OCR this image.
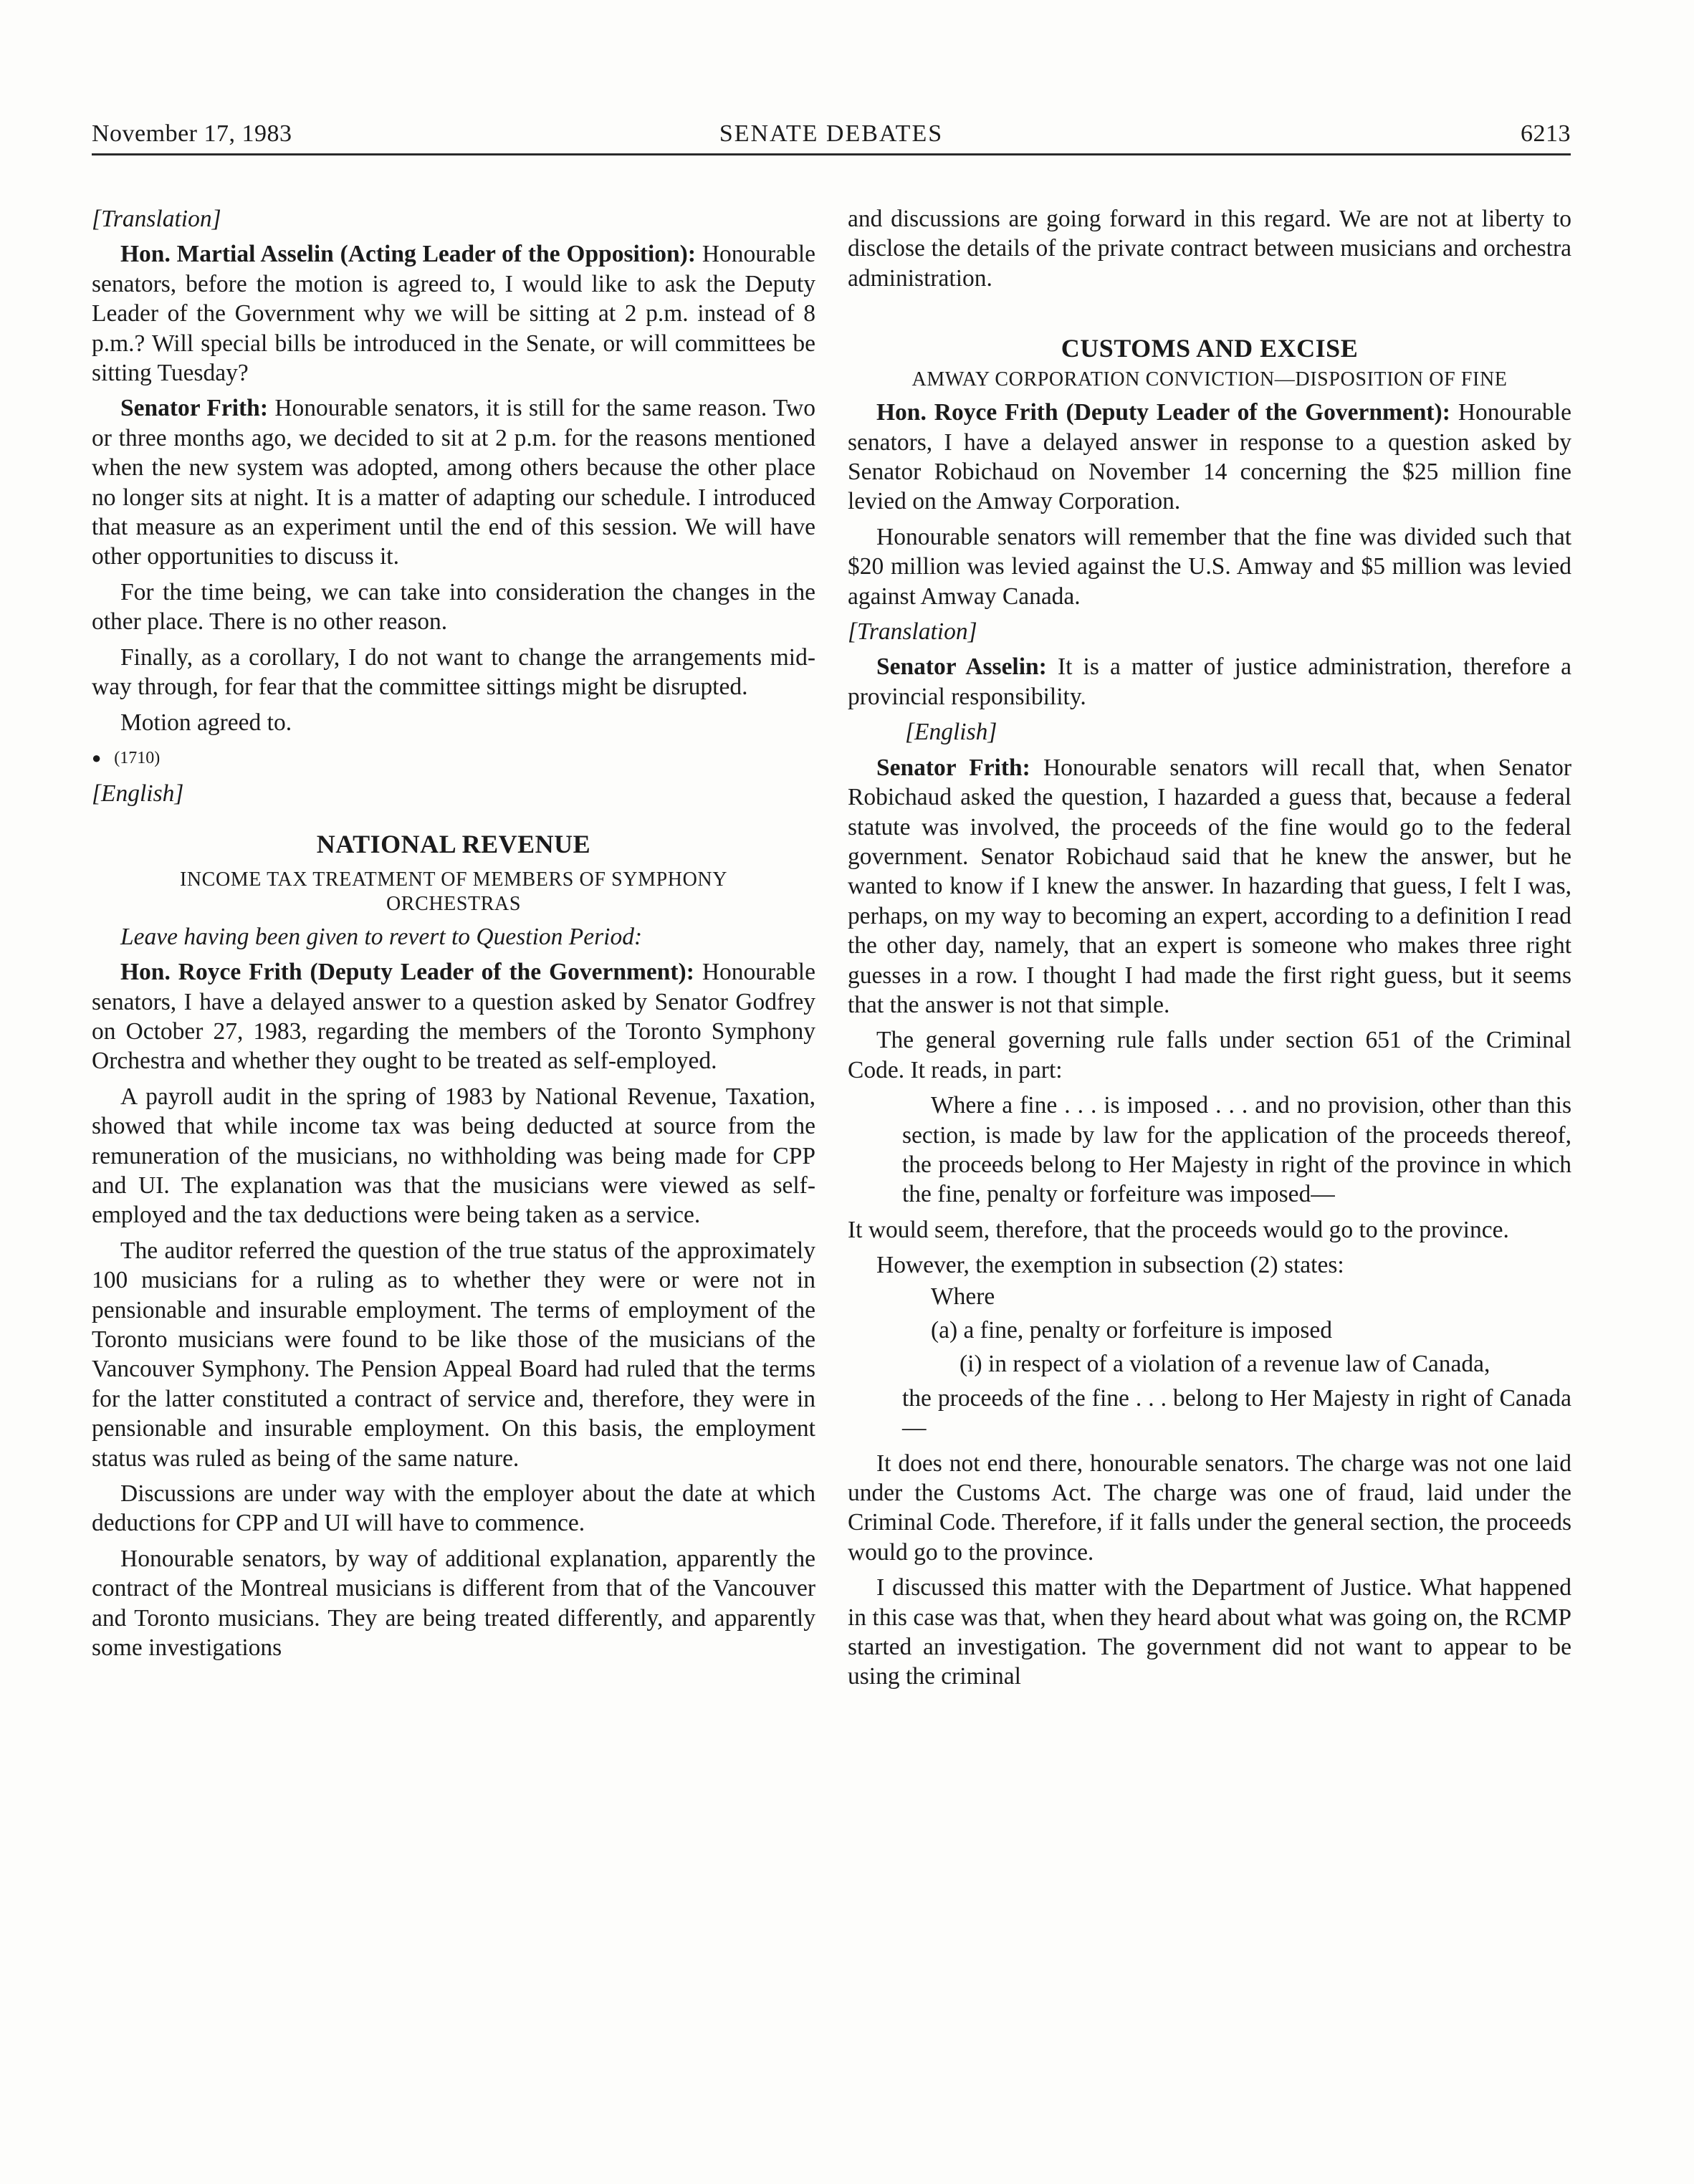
November 17, 1983	SENATE DEBATES	6213

[Translation]

Hon. Martial Asselin (Acting Leader of the Opposition): Honourable senators, before the motion is agreed to, I would like to ask the Deputy Leader of the Government why we will be sitting at 2 p.m. instead of 8 p.m.? Will special bills be introduced in the Senate, or will committees be sitting Tuesday?

Senator Frith: Honourable senators, it is still for the same reason. Two or three months ago, we decided to sit at 2 p.m. for the reasons mentioned when the new system was adopted, among others because the other place no longer sits at night. It is a matter of adapting our schedule. I introduced that measure as an experiment until the end of this session. We will have other opportunities to discuss it.

For the time being, we can take into consideration the changes in the other place. There is no other reason.

Finally, as a corollary, I do not want to change the arrangements mid-way through, for fear that the committee sittings might be disrupted.

Motion agreed to.

● (1710)

[English]

NATIONAL REVENUE
INCOME TAX TREATMENT OF MEMBERS OF SYMPHONY ORCHESTRAS

Leave having been given to revert to Question Period:

Hon. Royce Frith (Deputy Leader of the Government): Honourable senators, I have a delayed answer to a question asked by Senator Godfrey on October 27, 1983, regarding the members of the Toronto Symphony Orchestra and whether they ought to be treated as self-employed.

A payroll audit in the spring of 1983 by National Revenue, Taxation, showed that while income tax was being deducted at source from the remuneration of the musicians, no withholding was being made for CPP and UI. The explanation was that the musicians were viewed as self-employed and the tax deductions were being taken as a service.

The auditor referred the question of the true status of the approximately 100 musicians for a ruling as to whether they were or were not in pensionable and insurable employment. The terms of employment of the Toronto musicians were found to be like those of the musicians of the Vancouver Symphony. The Pension Appeal Board had ruled that the terms for the latter constituted a contract of service and, therefore, they were in pensionable and insurable employment. On this basis, the employment status was ruled as being of the same nature.

Discussions are under way with the employer about the date at which deductions for CPP and UI will have to commence.

Honourable senators, by way of additional explanation, apparently the contract of the Montreal musicians is different from that of the Vancouver and Toronto musicians. They are being treated differently, and apparently some investigations

and discussions are going forward in this regard. We are not at liberty to disclose the details of the private contract between musicians and orchestra administration.

CUSTOMS AND EXCISE
AMWAY CORPORATION CONVICTION—DISPOSITION OF FINE

Hon. Royce Frith (Deputy Leader of the Government): Honourable senators, I have a delayed answer in response to a question asked by Senator Robichaud on November 14 concerning the $25 million fine levied on the Amway Corporation.

Honourable senators will remember that the fine was divided such that $20 million was levied against the U.S. Amway and $5 million was levied against Amway Canada.

[Translation]

Senator Asselin: It is a matter of justice administration, therefore a provincial responsibility.

[English]

Senator Frith: Honourable senators will recall that, when Senator Robichaud asked the question, I hazarded a guess that, because a federal statute was involved, the proceeds of the fine would go to the federal government. Senator Robichaud said that he knew the answer, but he wanted to know if I knew the answer. In hazarding that guess, I felt I was, perhaps, on my way to becoming an expert, according to a definition I read the other day, namely, that an expert is someone who makes three right guesses in a row. I thought I had made the first right guess, but it seems that the answer is not that simple.

The general governing rule falls under section 651 of the Criminal Code. It reads, in part:

Where a fine . . . is imposed . . . and no provision, other than this section, is made by law for the application of the proceeds thereof, the proceeds belong to Her Majesty in right of the province in which the fine, penalty or forfeiture was imposed—

It would seem, therefore, that the proceeds would go to the province.

However, the exemption in subsection (2) states:

Where

(a) a fine, penalty or forfeiture is imposed

(i) in respect of a violation of a revenue law of Canada,

the proceeds of the fine . . . belong to Her Majesty in right of Canada—

It does not end there, honourable senators. The charge was not one laid under the Customs Act. The charge was one of fraud, laid under the Criminal Code. Therefore, if it falls under the general section, the proceeds would go to the province.

I discussed this matter with the Department of Justice. What happened in this case was that, when they heard about what was going on, the RCMP started an investigation. The government did not want to appear to be using the criminal
